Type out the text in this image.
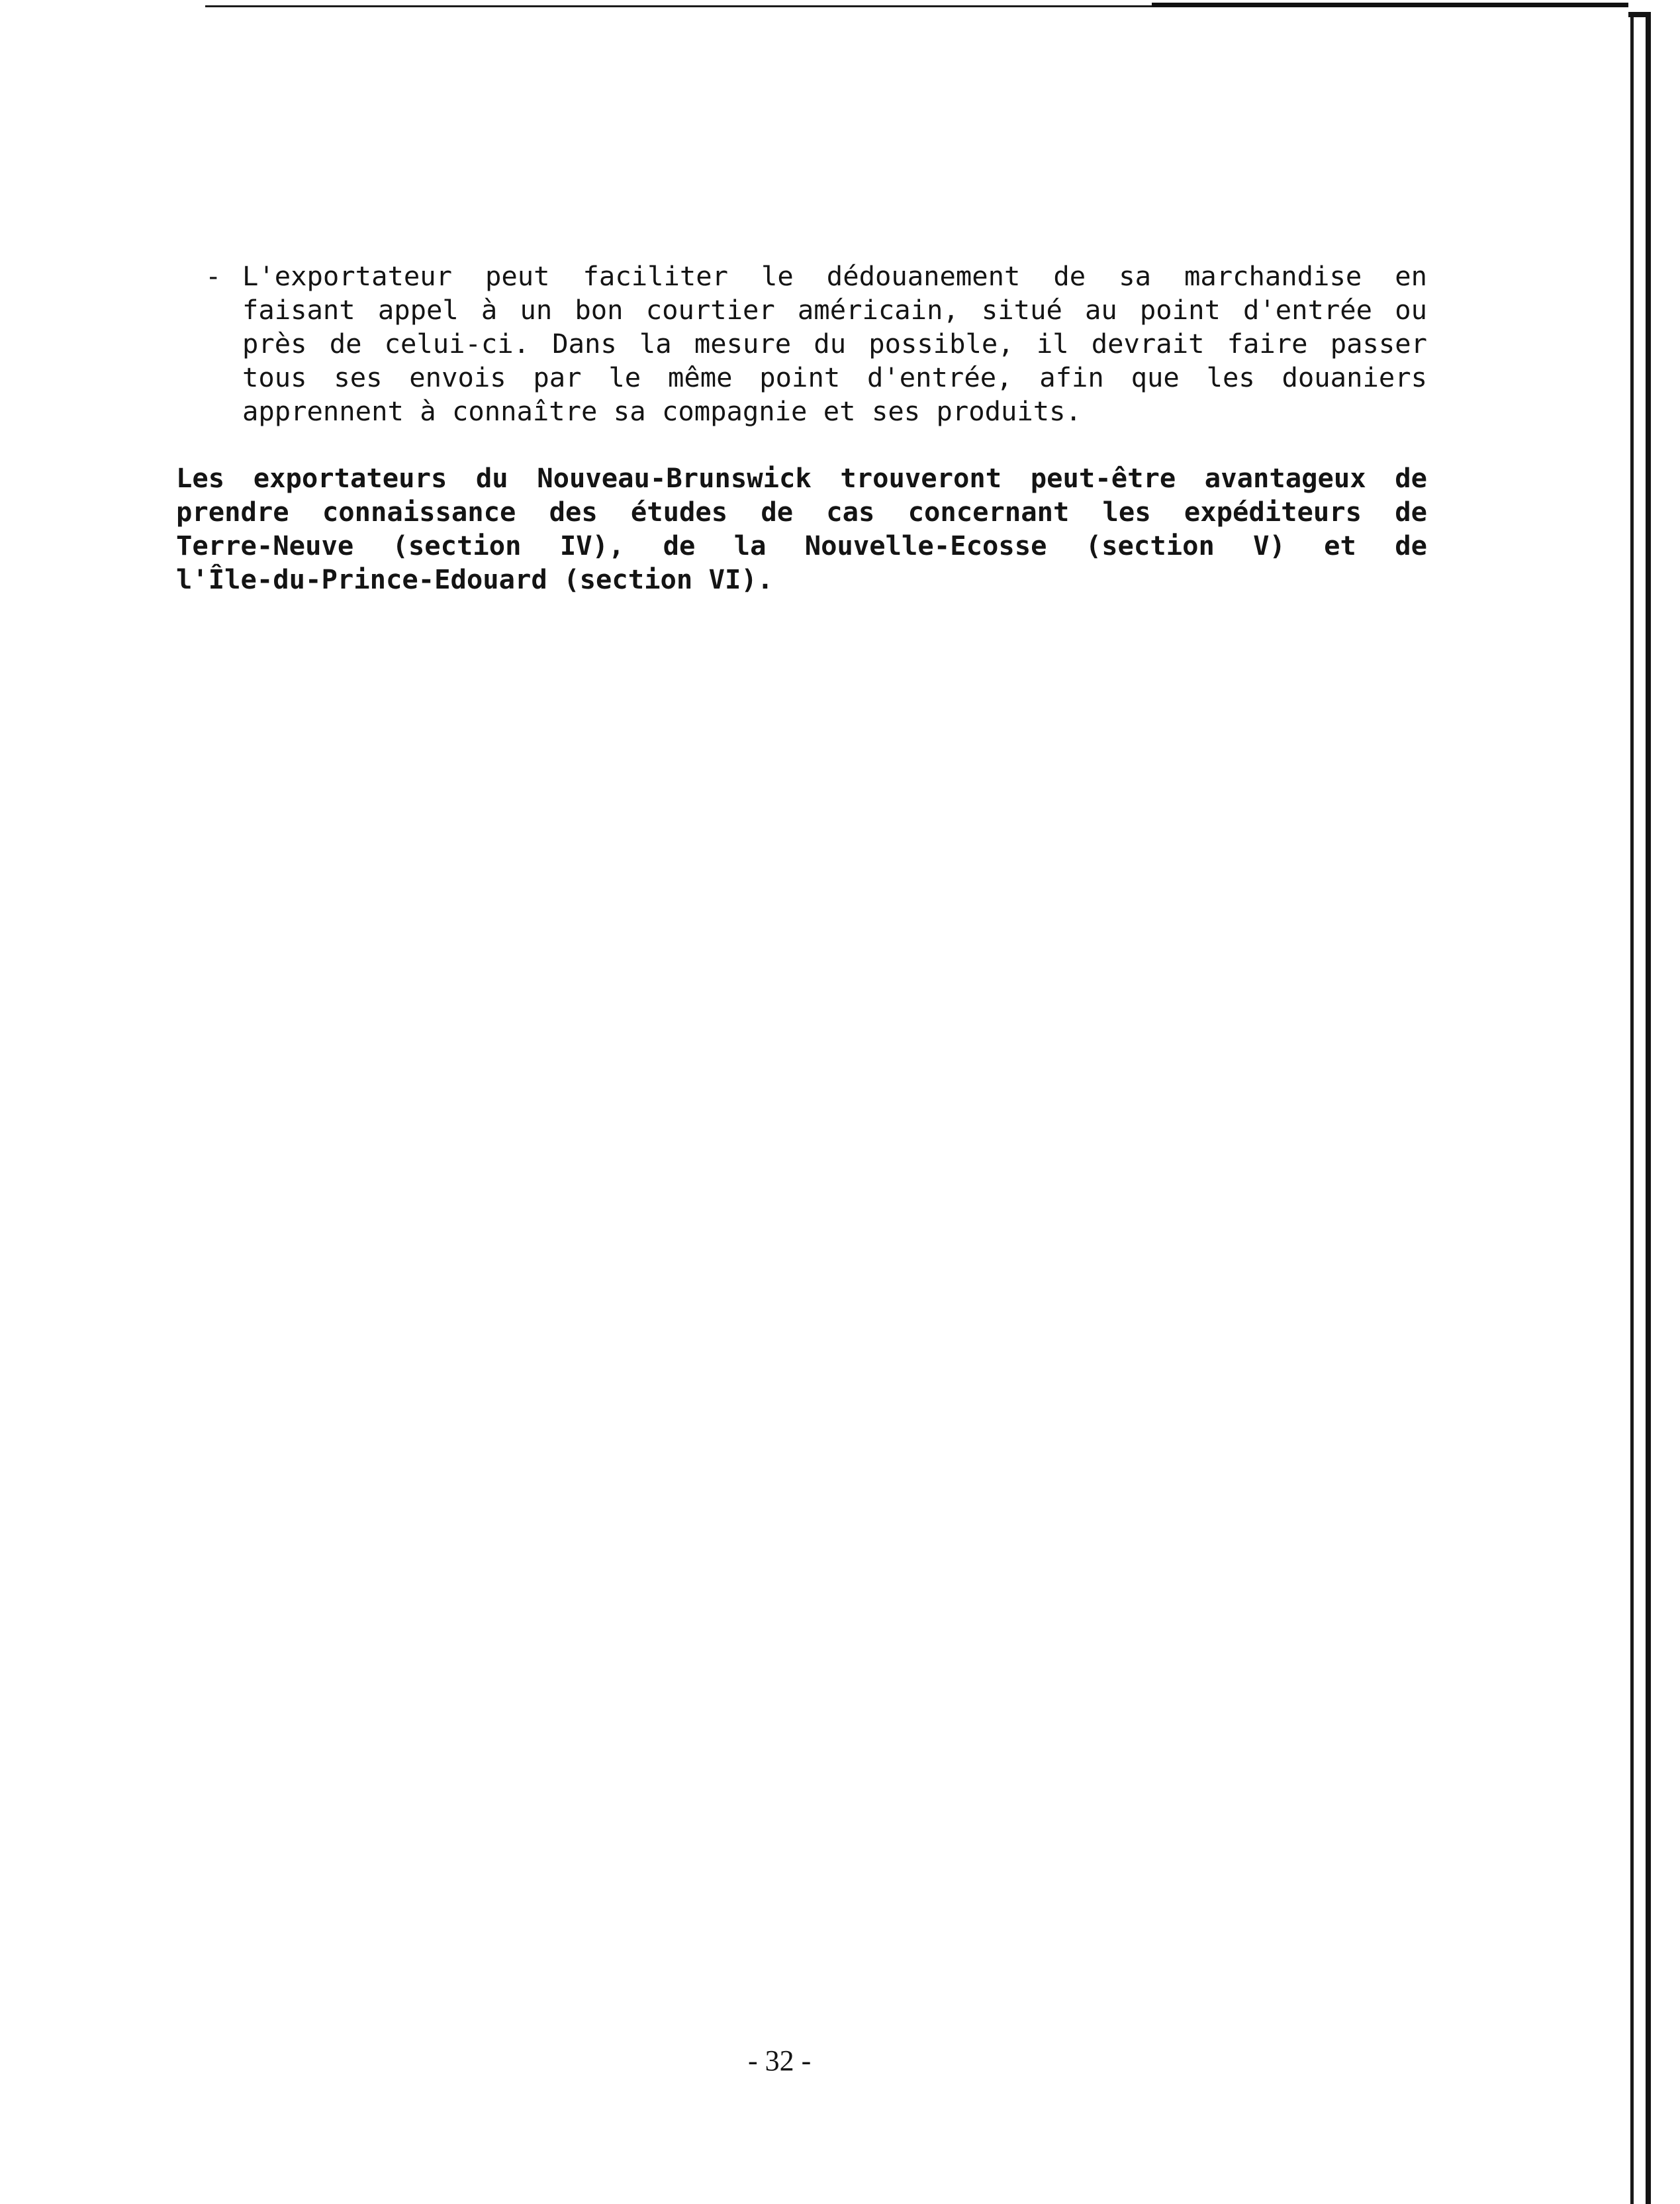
- L'exportateur peut faciliter le dédouanement de sa marchandise en
faisant appel à un bon courtier américain, situé au point d'entrée ou
près de celui-ci. Dans la mesure du possible, il devrait faire passer
tous ses envois par le même point d'entrée, afin que les douaniers
apprennent à connaître sa compagnie et ses produits.
Les exportateurs du Nouveau-Brunswick trouveront peut-être avantageux de
prendre connaissance des études de cas concernant les expéditeurs de
Terre-Neuve (section IV), de la Nouvelle-Ecosse (section V) et de
l'Île-du-Prince-Edouard (section VI).
- 32 -
